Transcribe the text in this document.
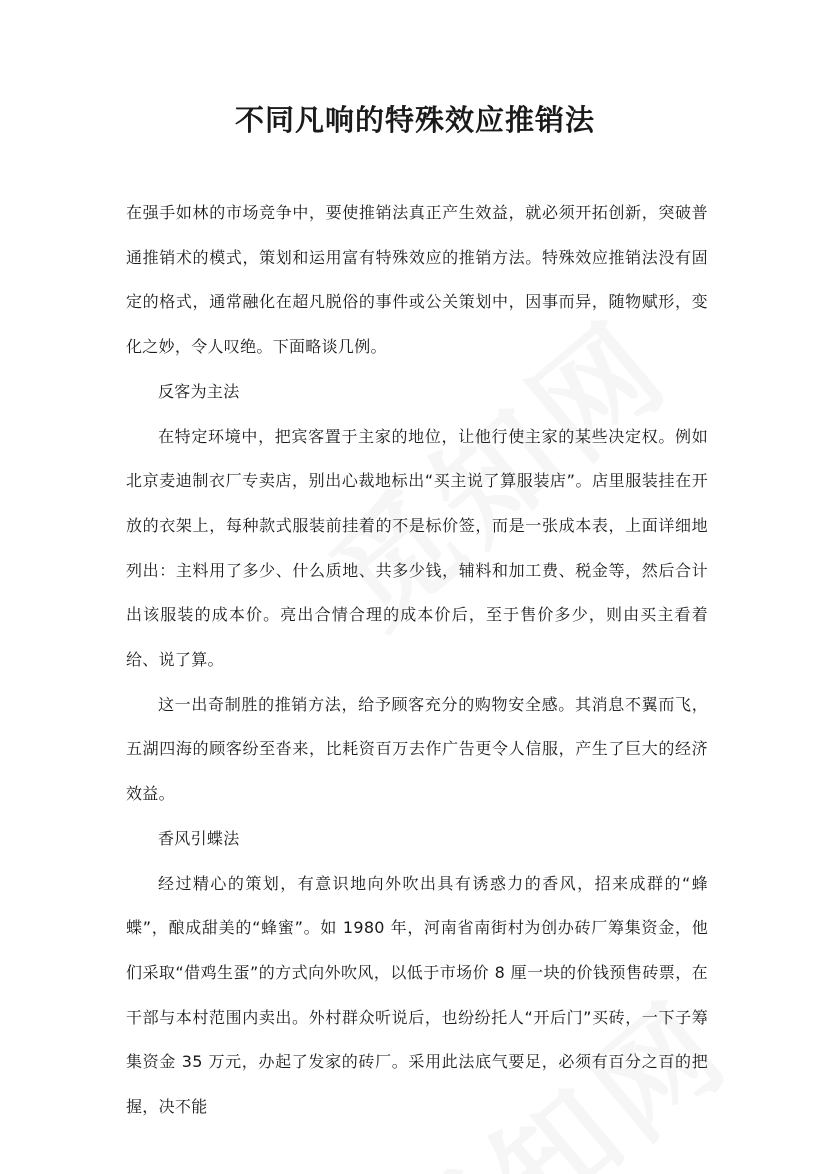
不同凡响的特殊效应推销法

在强手如林的市场竞争中，要使推销法真正产生效益，就必须开拓创新，突破普通推销术的模式，策划和运用富有特殊效应的推销方法。特殊效应推销法没有固定的格式，通常融化在超凡脱俗的事件或公关策划中，因事而异，随物赋形，变化之妙，令人叹绝。下面略谈几例。

反客为主法

在特定环境中，把宾客置于主家的地位，让他行使主家的某些决定权。例如北京麦迪制衣厂专卖店，别出心裁地标出“买主说了算服装店”。店里服装挂在开放的衣架上，每种款式服装前挂着的不是标价签，而是一张成本表，上面详细地列出：主料用了多少、什么质地、共多少钱，辅料和加工费、税金等，然后合计出该服装的成本价。亮出合情合理的成本价后，至于售价多少，则由买主看着给、说了算。

这一出奇制胜的推销方法，给予顾客充分的购物安全感。其消息不翼而飞，五湖四海的顾客纷至沓来，比耗资百万去作广告更令人信服，产生了巨大的经济效益。

香风引蝶法

经过精心的策划，有意识地向外吹出具有诱惑力的香风，招来成群的“蜂蝶”，酿成甜美的“蜂蜜”。如 1980 年，河南省南街村为创办砖厂筹集资金，他们采取“借鸡生蛋”的方式向外吹风，以低于市场价 8 厘一块的价钱预售砖票，在干部与本村范围内卖出。外村群众听说后，也纷纷托人“开后门”买砖，一下子筹集资金 35 万元，办起了发家的砖厂。采用此法底气要足，必须有百分之百的把握，决不能
